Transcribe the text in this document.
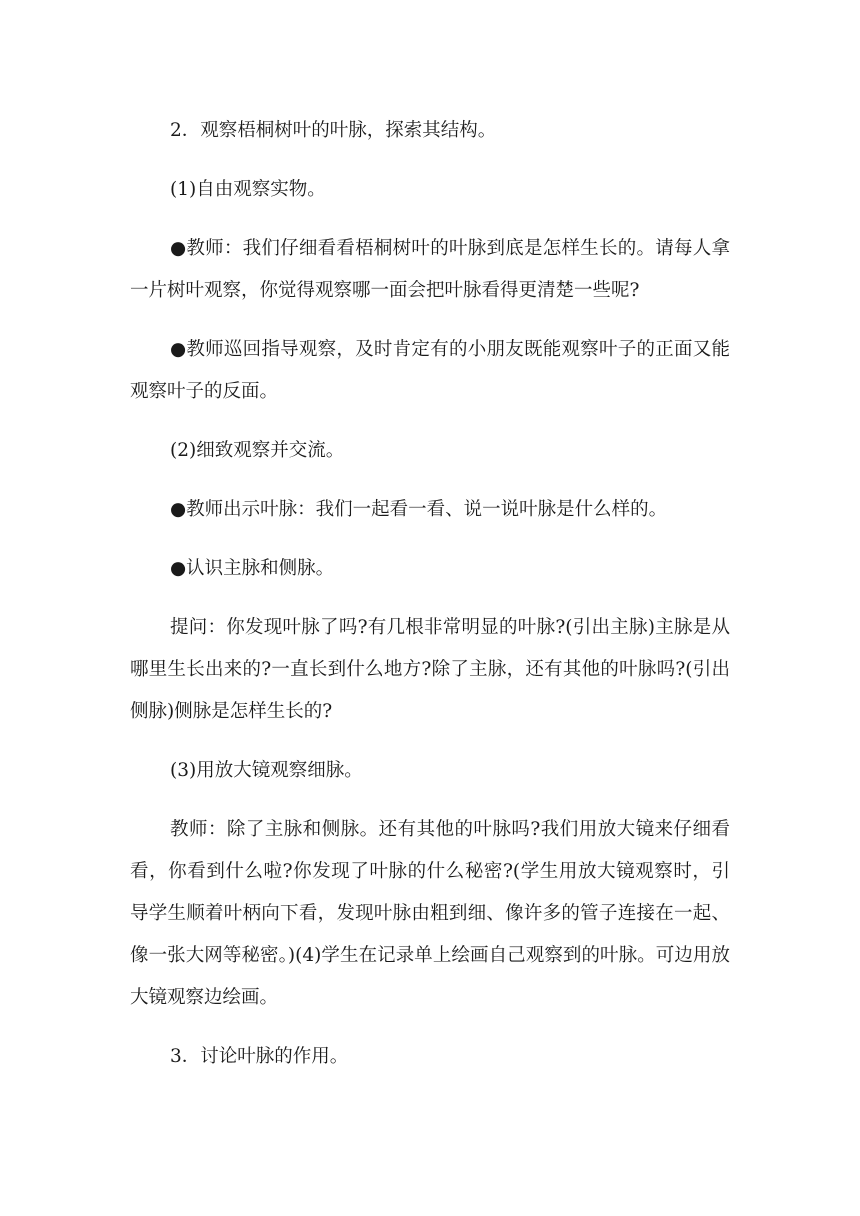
2．观察梧桐树叶的叶脉，探索其结构。

(1)自由观察实物。

●教师：我们仔细看看梧桐树叶的叶脉到底是怎样生长的。请每人拿一片树叶观察，你觉得观察哪一面会把叶脉看得更清楚一些呢?

●教师巡回指导观察，及时肯定有的小朋友既能观察叶子的正面又能观察叶子的反面。

(2)细致观察并交流。

●教师出示叶脉：我们一起看一看、说一说叶脉是什么样的。

●认识主脉和侧脉。

提问：你发现叶脉了吗?有几根非常明显的叶脉?(引出主脉)主脉是从哪里生长出来的?一直长到什么地方?除了主脉，还有其他的叶脉吗?(引出侧脉)侧脉是怎样生长的?

(3)用放大镜观察细脉。

教师：除了主脉和侧脉。还有其他的叶脉吗?我们用放大镜来仔细看看，你看到什么啦?你发现了叶脉的什么秘密?(学生用放大镜观察时，引导学生顺着叶柄向下看，发现叶脉由粗到细、像许多的管子连接在一起、像一张大网等秘密。)(4)学生在记录单上绘画自己观察到的叶脉。可边用放大镜观察边绘画。

3．讨论叶脉的作用。
